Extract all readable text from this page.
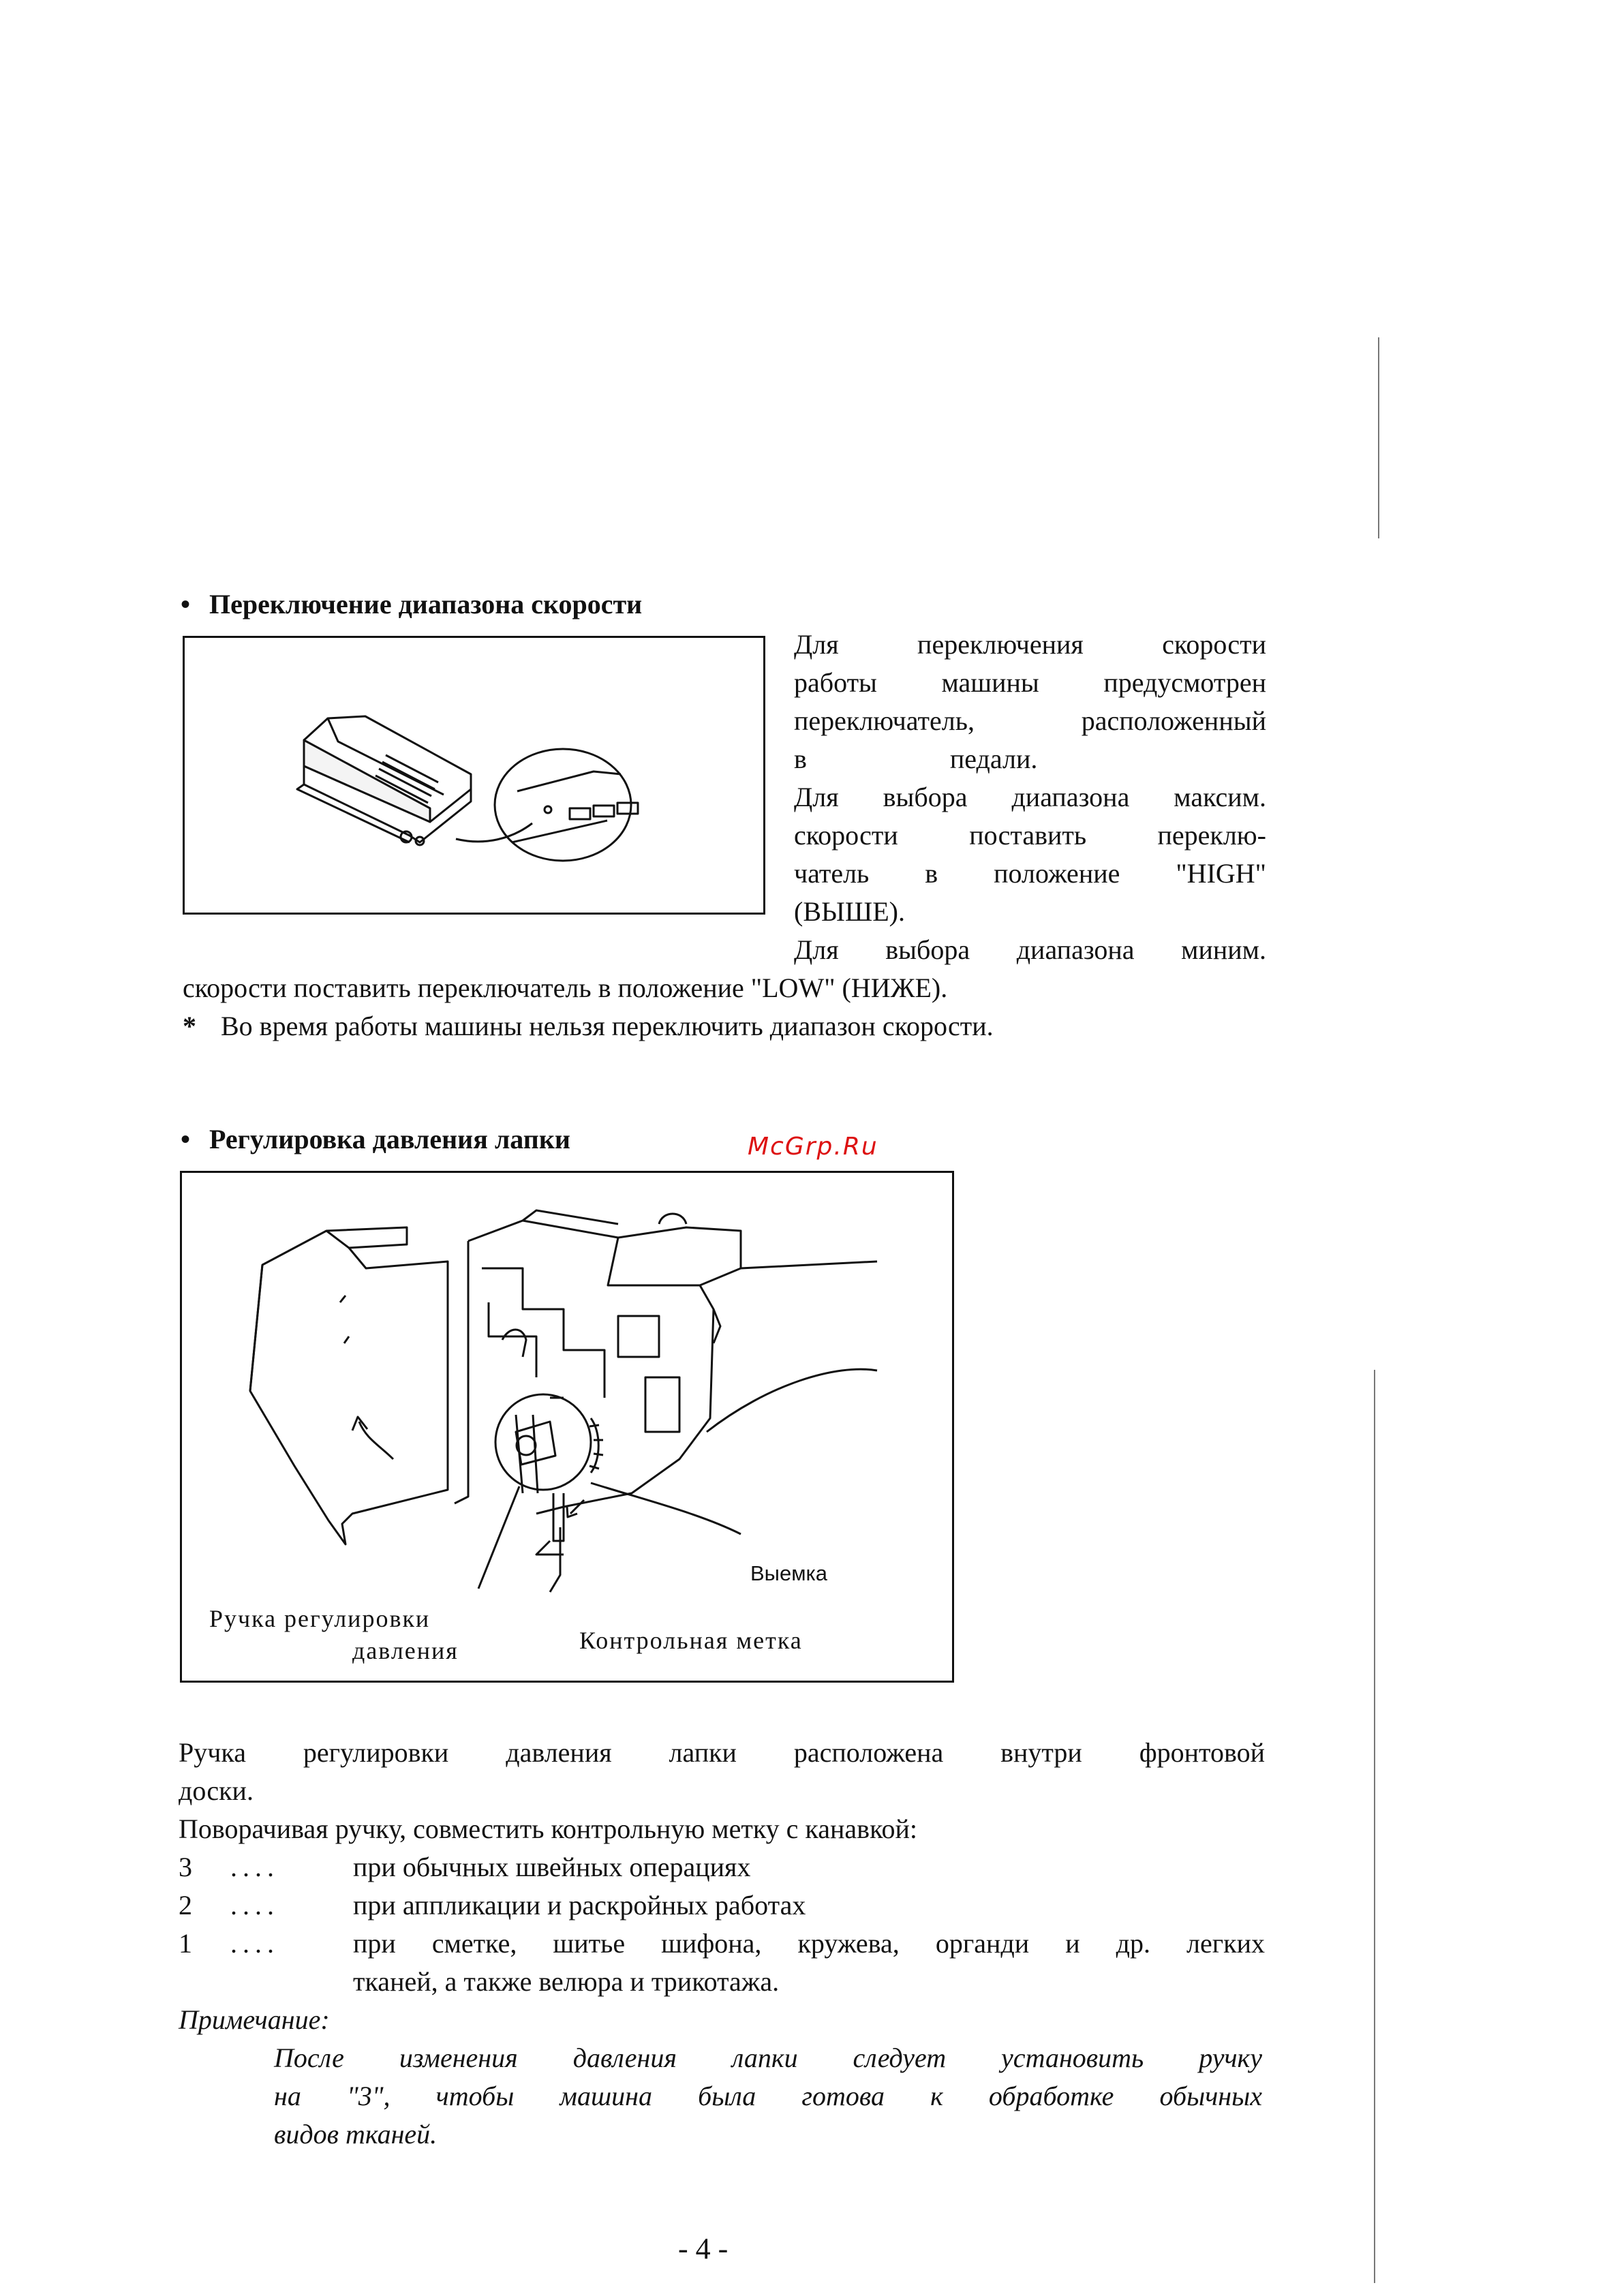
• Переключение диапазона скорости
Для переключения скорости
работы машины предусмотрен
переключатель, расположенный
в педали.
Для выбора диапазона максим.
скорости поставить переклю-
чатель в положение "HIGH"
(ВЫШЕ).
Для выбора диапазона миним.
скорости поставить переключатель в положение "LOW" (НИЖЕ).
* Во время работы машины нельзя переключить диапазон скорости.
• Регулировка давления лапки	McGrp.Ru
Выемка
Ручка регулировки
давления	Контрольная метка
Ручка регулировки давления лапки расположена внутри фронтовой
доски.
Поворачивая ручку, совместить контрольную метку с канавкой:
3 ....	при обычных швейных операциях
2 ....	при аппликации и раскройных работах
1 ....	при сметке, шитье шифона, кружева, органди и др. легких
тканей, а также велюра и трикотажа.
Примечание:
После изменения давления лапки следует установить ручку
на "3", чтобы машина была готова к обработке обычных
видов тканей.
- 4 -
